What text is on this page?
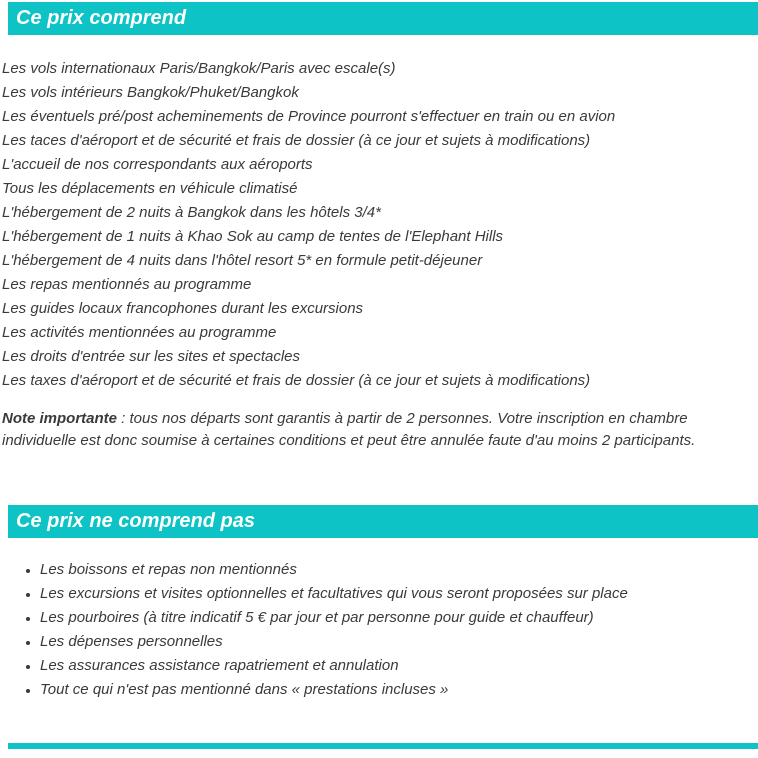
Ce prix comprend
Les vols internationaux Paris/Bangkok/Paris avec escale(s)
Les vols intérieurs Bangkok/Phuket/Bangkok
Les éventuels pré/post acheminements de Province pourront s'effectuer en train ou en avion
Les taces d'aéroport et de sécurité et frais de dossier (à ce jour et sujets à modifications)
L'accueil de nos correspondants aux aéroports
Tous les déplacements en véhicule climatisé
L'hébergement de 2 nuits à Bangkok dans les hôtels 3/4*
L'hébergement de 1 nuits à Khao Sok au camp de tentes de l'Elephant Hills
L'hébergement de 4 nuits dans l'hôtel resort 5* en formule petit-déjeuner
Les repas mentionnés au programme
Les guides locaux francophones durant les excursions
Les activités mentionnées au programme
Les droits d'entrée sur les sites et spectacles
Les taxes d'aéroport et de sécurité et frais de dossier (à ce jour et sujets à modifications)

Note importante : tous nos départs sont garantis à partir de 2 personnes. Votre inscription en chambre individuelle est donc soumise à certaines conditions et peut être annulée faute d'au moins 2 participants.

Ce prix ne comprend pas
• Les boissons et repas non mentionnés
• Les excursions et visites optionnelles et facultatives qui vous seront proposées sur place
• Les pourboires (à titre indicatif 5 € par jour et par personne pour guide et chauffeur)
• Les dépenses personnelles
• Les assurances assistance rapatriement et annulation
• Tout ce qui n'est pas mentionné dans « prestations incluses »
